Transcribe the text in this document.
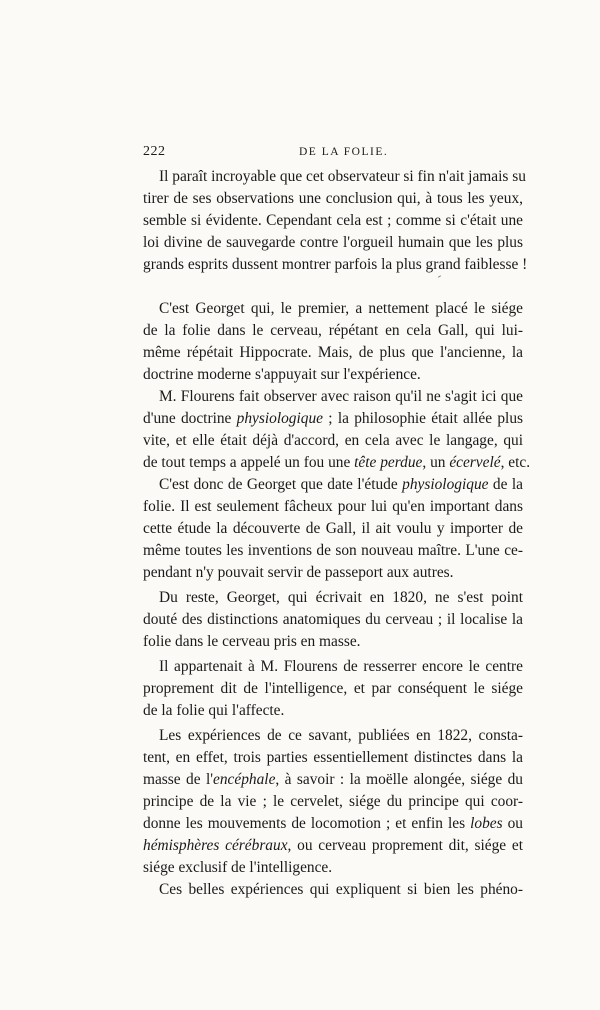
222	DE LA FOLIE.
Il paraît incroyable que cet observateur si fin n'ait jamais su
tirer de ses observations une conclusion qui, à tous les yeux,
semble si évidente. Cependant cela est ; comme si c'était une
loi divine de sauvegarde contre l'orgueil humain que les plus
grands esprits dussent montrer parfois la plus grand faiblesse !
C'est Georget qui, le premier, a nettement placé le siége
de la folie dans le cerveau, répétant en cela Gall, qui lui-
même répétait Hippocrate. Mais, de plus que l'ancienne, la
doctrine moderne s'appuyait sur l'expérience.
M. Flourens fait observer avec raison qu'il ne s'agit ici que
d'une doctrine physiologique ; la philosophie était allée plus
vite, et elle était déjà d'accord, en cela avec le langage, qui
de tout temps a appelé un fou une tête perdue, un écervelé, etc.
C'est donc de Georget que date l'étude physiologique de la
folie. Il est seulement fâcheux pour lui qu'en important dans
cette étude la découverte de Gall, il ait voulu y importer de
même toutes les inventions de son nouveau maître. L'une ce-
pendant n'y pouvait servir de passeport aux autres.
Du reste, Georget, qui écrivait en 1820, ne s'est point
douté des distinctions anatomiques du cerveau ; il localise la
folie dans le cerveau pris en masse.
Il appartenait à M. Flourens de resserrer encore le centre
proprement dit de l'intelligence, et par conséquent le siége
de la folie qui l'affecte.
Les expériences de ce savant, publiées en 1822, consta-
tent, en effet, trois parties essentiellement distinctes dans la
masse de l'encéphale, à savoir : la moëlle alongée, siége du
principe de la vie ; le cervelet, siége du principe qui coor-
donne les mouvements de locomotion ; et enfin les lobes ou
hémisphères cérébraux, ou cerveau proprement dit, siége et
siége exclusif de l'intelligence.
Ces belles expériences qui expliquent si bien les phéno-
